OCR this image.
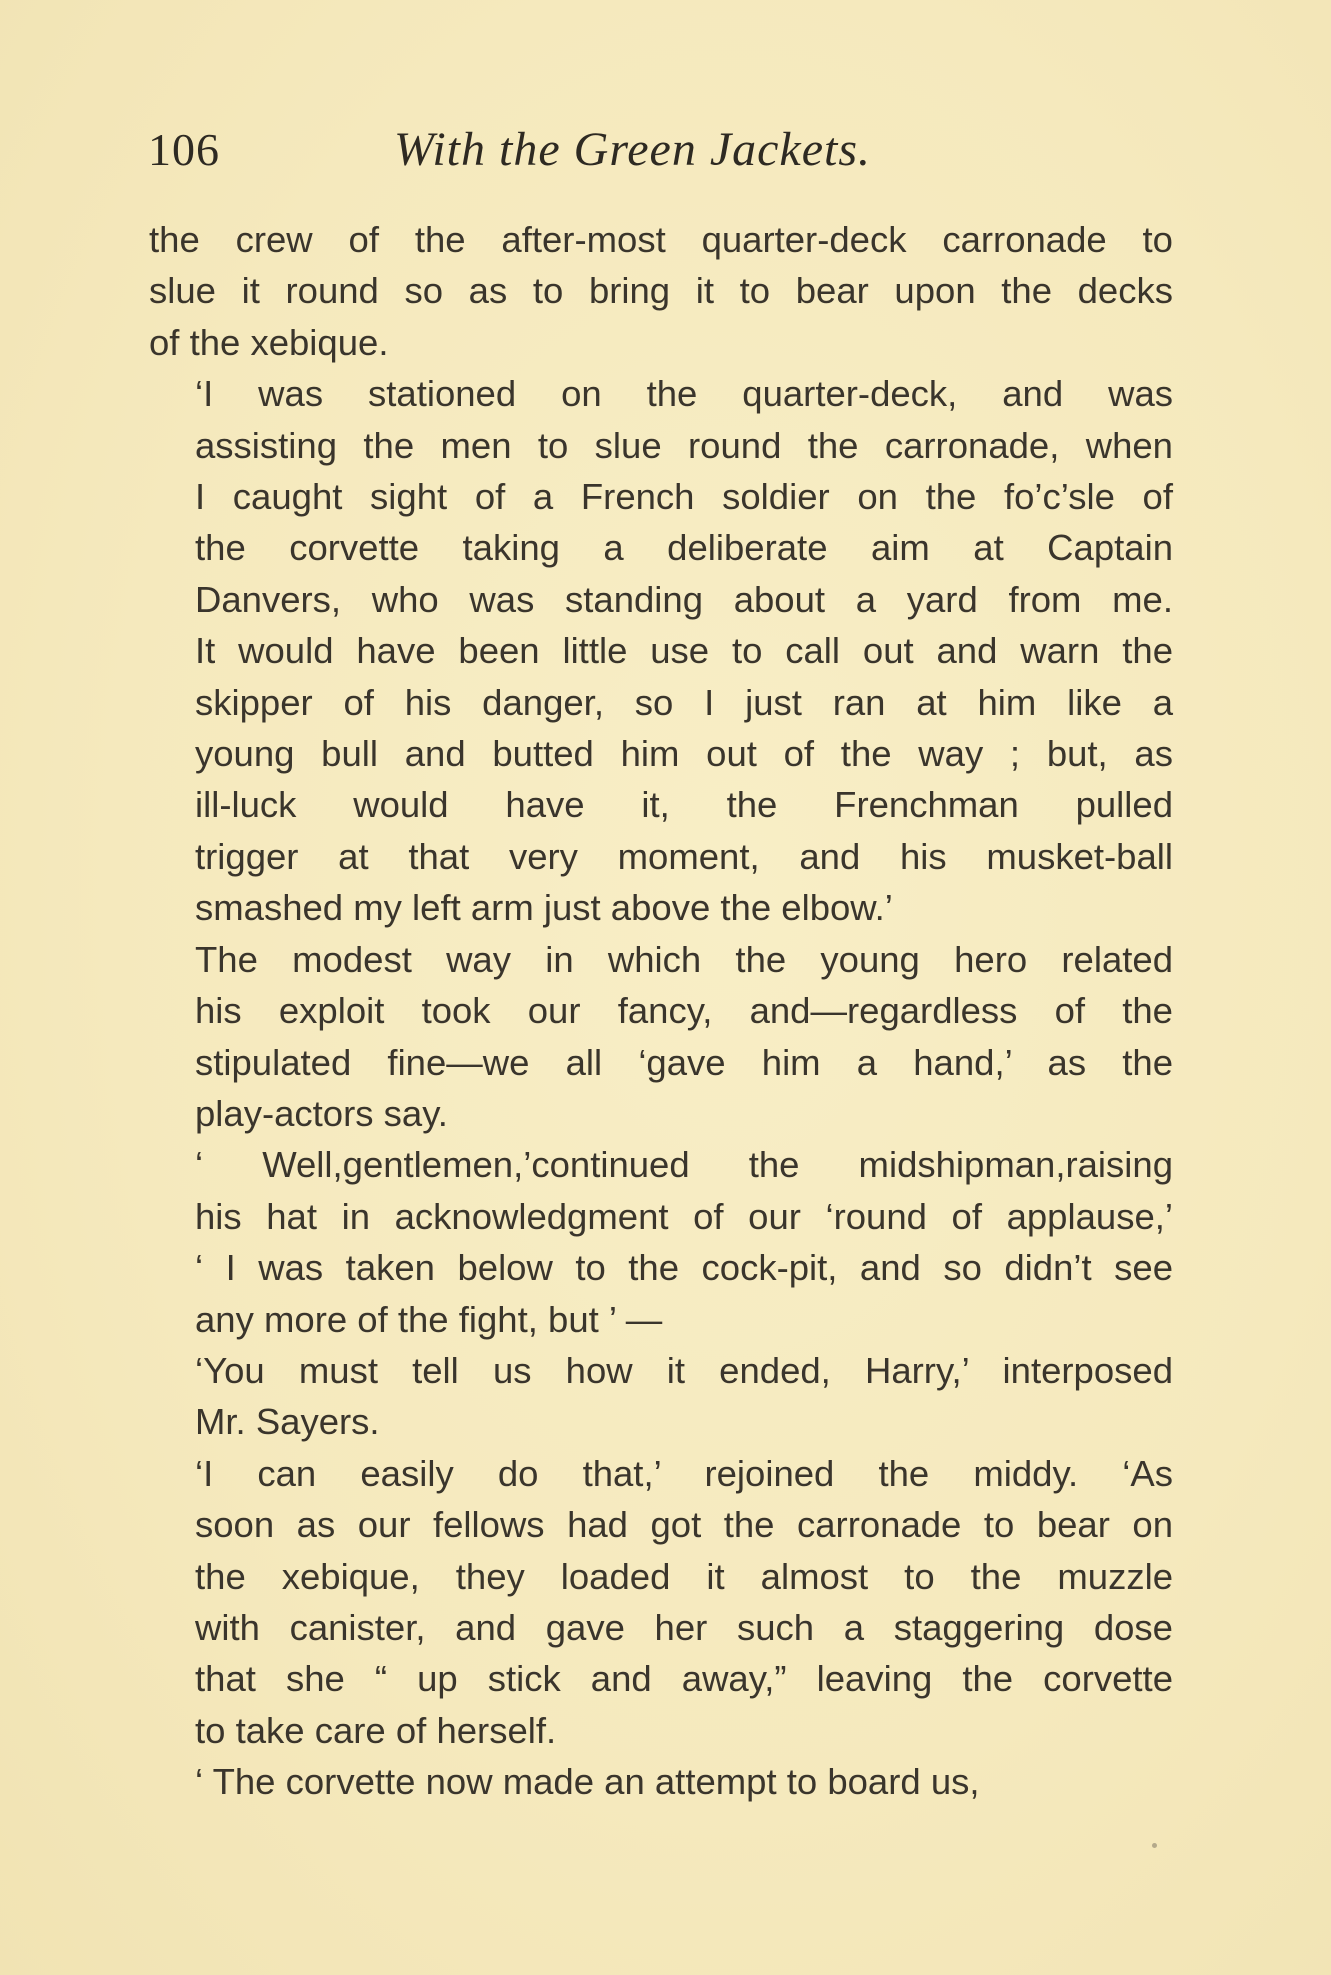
106	With the Green Jackets.

the crew of the after-most quarter-deck carronade to
slue it round so as to bring it to bear upon the decks
of the xebique.

‘I was stationed on the quarter-deck, and was
assisting the men to slue round the carronade, when
I caught sight of a French soldier on the fo’c’sle of
the corvette taking a deliberate aim at Captain
Danvers, who was standing about a yard from me.
It would have been little use to call out and warn the
skipper of his danger, so I just ran at him like a
young bull and butted him out of the way ; but, as
ill-luck would have it, the Frenchman pulled
trigger at that very moment, and his musket-ball
smashed my left arm just above the elbow.’

The modest way in which the young hero related
his exploit took our fancy, and—regardless of the
stipulated fine—we all ‘gave him a hand,’ as the
play-actors say.

‘ Well,gentlemen,’continued the midshipman,raising
his hat in acknowledgment of our ‘round of applause,’
‘ I was taken below to the cock-pit, and so didn’t see
any more of the fight, but ’ —

‘You must tell us how it ended, Harry,’ interposed
Mr. Sayers.

‘I can easily do that,’ rejoined the middy. ‘As
soon as our fellows had got the carronade to bear on
the xebique, they loaded it almost to the muzzle
with canister, and gave her such a staggering dose
that she “ up stick and away,” leaving the corvette
to take care of herself.

‘ The corvette now made an attempt to board us,
